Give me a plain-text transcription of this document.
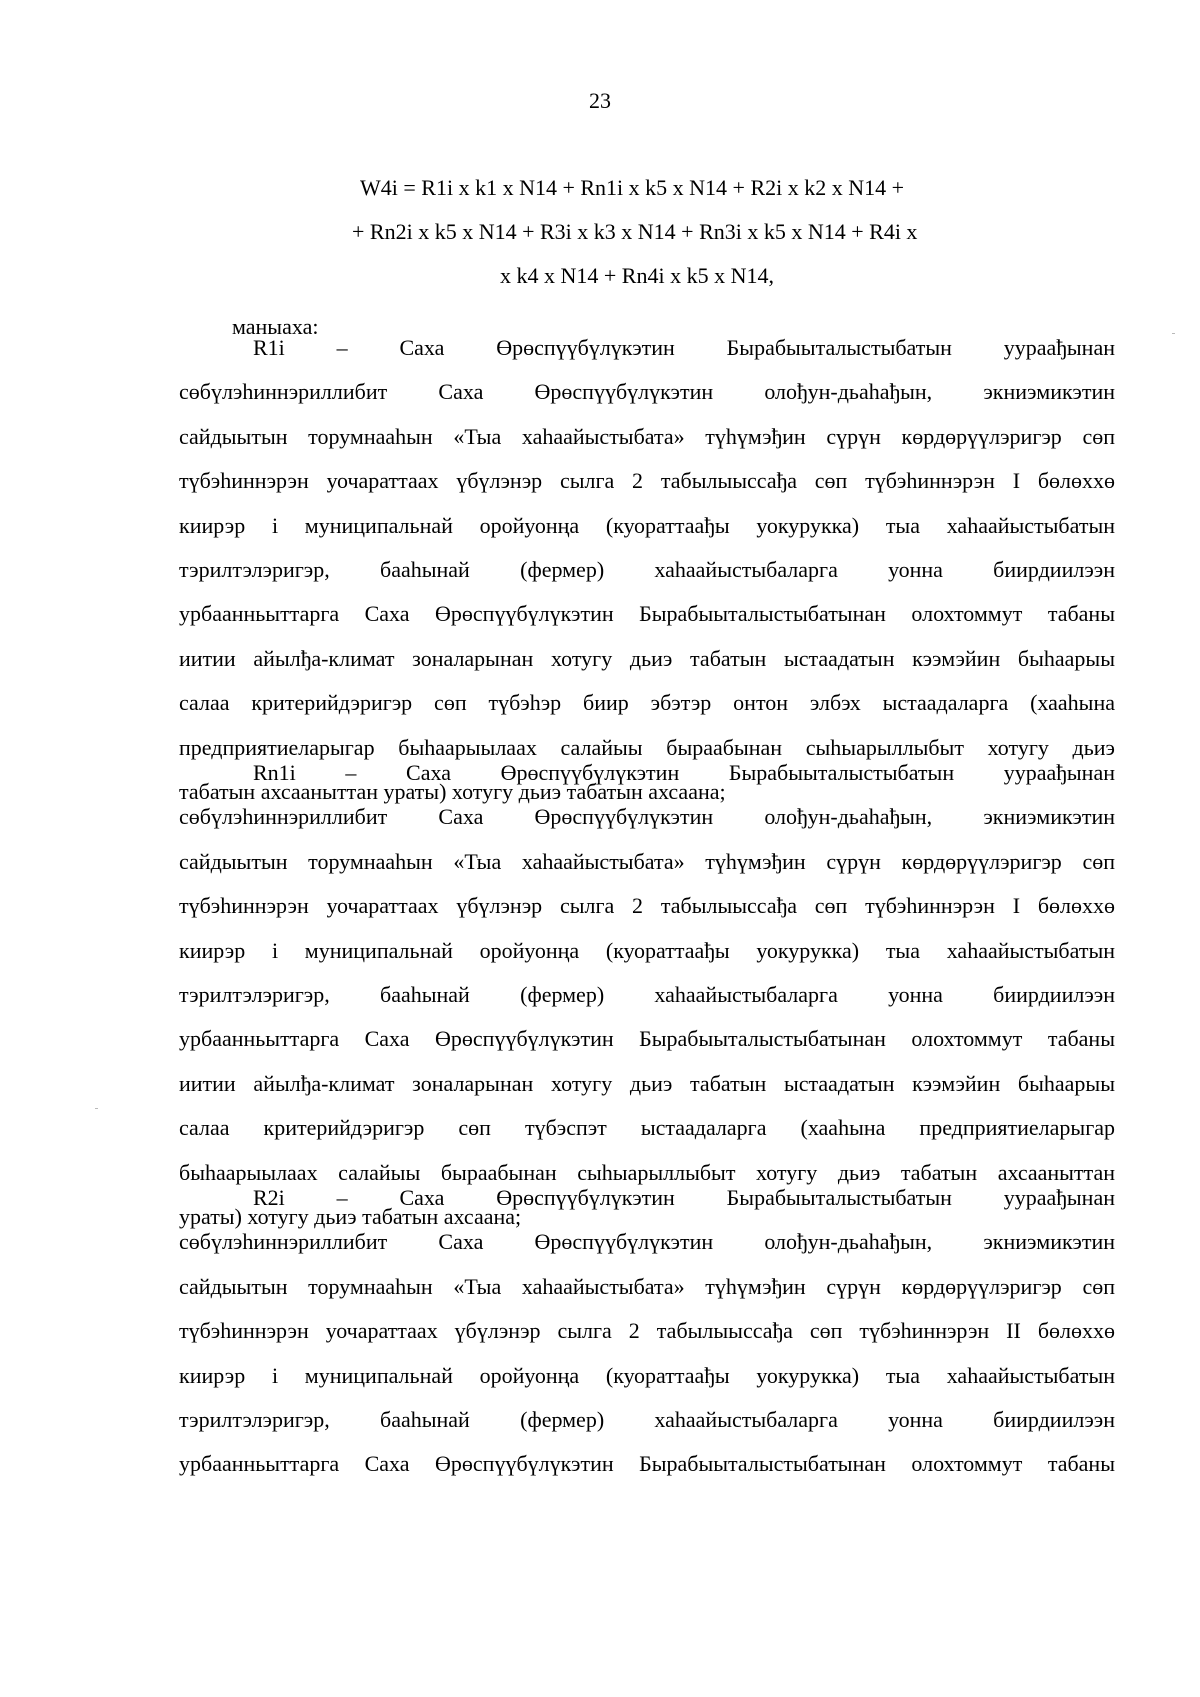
23
W4i = R1i x k1 x N14 + Rn1i x k5 x N14 + R2i x k2 x N14 +
+ Rn2i x k5 x N14 + R3i x k3 x N14 + Rn3i x k5 x N14 + R4i x
x k4 x N14 + Rn4i x k5 x N14,
маныаха:
R1i – Саха Өрөспүүбүлүкэтин Бырабыыталыстыбатын уураађынан
сөбүлэһиннэриллибит Саха Өрөспүүбүлүкэтин олођун-дьаһађын, экниэмикэтин
сайдыытын торумнааһын «Тыа хаһаайыстыбата» түһүмэђин сүрүн көрдөрүүлэригэр сөп
түбэһиннэрэн уочараттаах үбүлэнэр сылга 2 табылыыссађа сөп түбэһиннэрэн I бөлөххө
киирэр і муниципальнай оройуонңа (куораттаађы уокурукка) тыа хаһаайыстыбатын
тэрилтэлэригэр, бааһынай (фермер) хаһаайыстыбаларга уонна биирдиилээн
урбаанньыттарга Саха Өрөспүүбүлүкэтин Бырабыыталыстыбатынан олохтоммут табаны
иитии айылђа-климат зоналарынан хотугу дьиэ табатын ыстаадатын кээмэйин быһаарыы
салаа критерийдэригэр сөп түбэһэр биир эбэтэр онтон элбэх ыстаадаларга (хааһына
предприятиеларыгар быһаарыылаах салайыы быраабынан сыһыарыллыбыт хотугу дьиэ
табатын ахсааныттан ураты) хотугу дьиэ табатын ахсаана;
Rn1i – Саха Өрөспүүбүлүкэтин Бырабыыталыстыбатын уураађынан
сөбүлэһиннэриллибит Саха Өрөспүүбүлүкэтин олођун-дьаһађын, экниэмикэтин
сайдыытын торумнааһын «Тыа хаһаайыстыбата» түһүмэђин сүрүн көрдөрүүлэригэр сөп
түбэһиннэрэн уочараттаах үбүлэнэр сылга 2 табылыыссађа сөп түбэһиннэрэн I бөлөххө
киирэр і муниципальнай оройуонңа (куораттаађы уокурукка) тыа хаһаайыстыбатын
тэрилтэлэригэр, бааһынай (фермер) хаһаайыстыбаларга уонна биирдиилээн
урбаанньыттарга Саха Өрөспүүбүлүкэтин Бырабыыталыстыбатынан олохтоммут табаны
иитии айылђа-климат зоналарынан хотугу дьиэ табатын ыстаадатын кээмэйин быһаарыы
салаа критерийдэригэр сөп түбэспэт ыстаадаларга (хааһына предприятиеларыгар
быһаарыылаах салайыы быраабынан сыһыарыллыбыт хотугу дьиэ табатын ахсааныттан
ураты) хотугу дьиэ табатын ахсаана;
R2i – Саха Өрөспүүбүлүкэтин Бырабыыталыстыбатын уураађынан
сөбүлэһиннэриллибит Саха Өрөспүүбүлүкэтин олођун-дьаһађын, экниэмикэтин
сайдыытын торумнааһын «Тыа хаһаайыстыбата» түһүмэђин сүрүн көрдөрүүлэригэр сөп
түбэһиннэрэн уочараттаах үбүлэнэр сылга 2 табылыыссађа сөп түбэһиннэрэн II бөлөххө
киирэр і муниципальнай оройуонңа (куораттаађы уокурукка) тыа хаһаайыстыбатын
тэрилтэлэригэр, бааһынай (фермер) хаһаайыстыбаларга уонна биирдиилээн
урбаанньыттарга Саха Өрөспүүбүлүкэтин Бырабыыталыстыбатынан олохтоммут табаны
